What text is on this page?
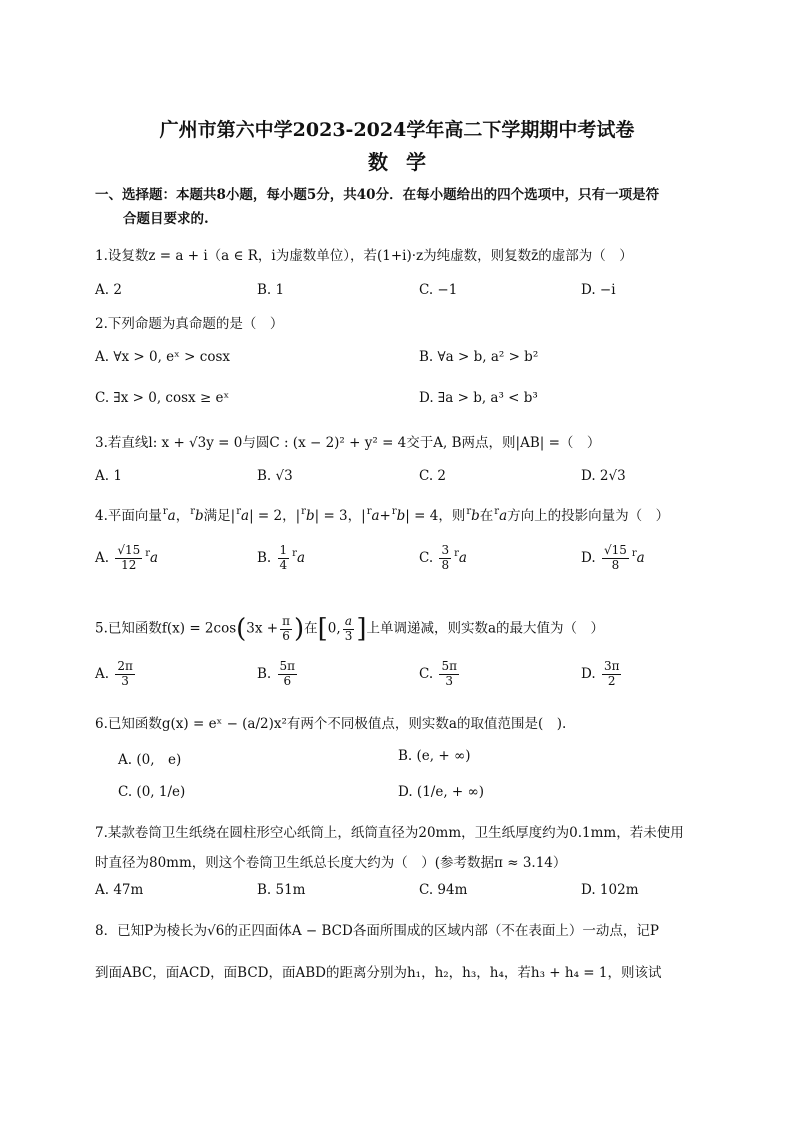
广州市第六中学2023-2024学年高二下学期期中考试卷
数学
一、选择题：本题共8小题，每小题5分，共40分．在每小题给出的四个选项中，只有一项是符
合题目要求的.
1.设复数z = a + i（a ∈ R，i为虚数单位），若(1+i)·z为纯虚数，则复数z̄的虚部为（　）
A. 2	B. 1	C. −1	D. −i
2.下列命题为真命题的是（　）
A. ∀x > 0, eˣ > cosx	B. ∀a > b, a² > b²
C. ∃x > 0, cosx ≥ eˣ	D. ∃a > b, a³ < b³
3.若直线l: x + √3y = 0与圆C : (x − 2)² + y² = 4交于A, B两点，则|AB| =（　）
A. 1	B. √3	C. 2	D. 2√3
4.平面向量$^r$a，$^r$b满足$|^ra| = 2$，$|^rb| = 3$，$|^ra+^rb| = 4$，则$^r$b在$^r$a方向上的投影向量为（　）
A. $\frac{√15}{12} ^ra$	B. $\frac{1}{4} ^ra$	C. $\frac{3}{8} ^ra$	D. $\frac{√15}{8} ^ra$
5.已知函数$f(x) = 2\cos(3x + \frac{\pi}{6}$ )在[0, $\frac{a}{3}$ ]上单调递减，则实数a的最大值为（　）
A. $\frac{2\pi}{3}$	B. $\frac{5\pi}{6}$	C. $\frac{5\pi}{3}$	D. $\frac{3\pi}{2}$
6.已知函数g(x) = eˣ − (a/2)x²有两个不同极值点，则实数a的取值范围是(　).
A. (0,　e)	B. (e, + ∞)
C. (0, 1/e)	D. (1/e, + ∞)
7.某款卷筒卫生纸绕在圆柱形空心纸筒上，纸筒直径为20mm，卫生纸厚度约为0.1mm，若未使用
时直径为80mm，则这个卷筒卫生纸总长度大约为（　）(参考数据π ≈ 3.14）
A. 47m	B. 51m	C. 94m	D. 102m
8．已知P为棱长为√6的正四面体A − BCD各面所围成的区域内部（不在表面上）一动点，记P
到面ABC，面ACD，面BCD，面ABD的距离分别为h₁，h₂，h₃，h₄，若h₃ + h₄ = 1，则该试
